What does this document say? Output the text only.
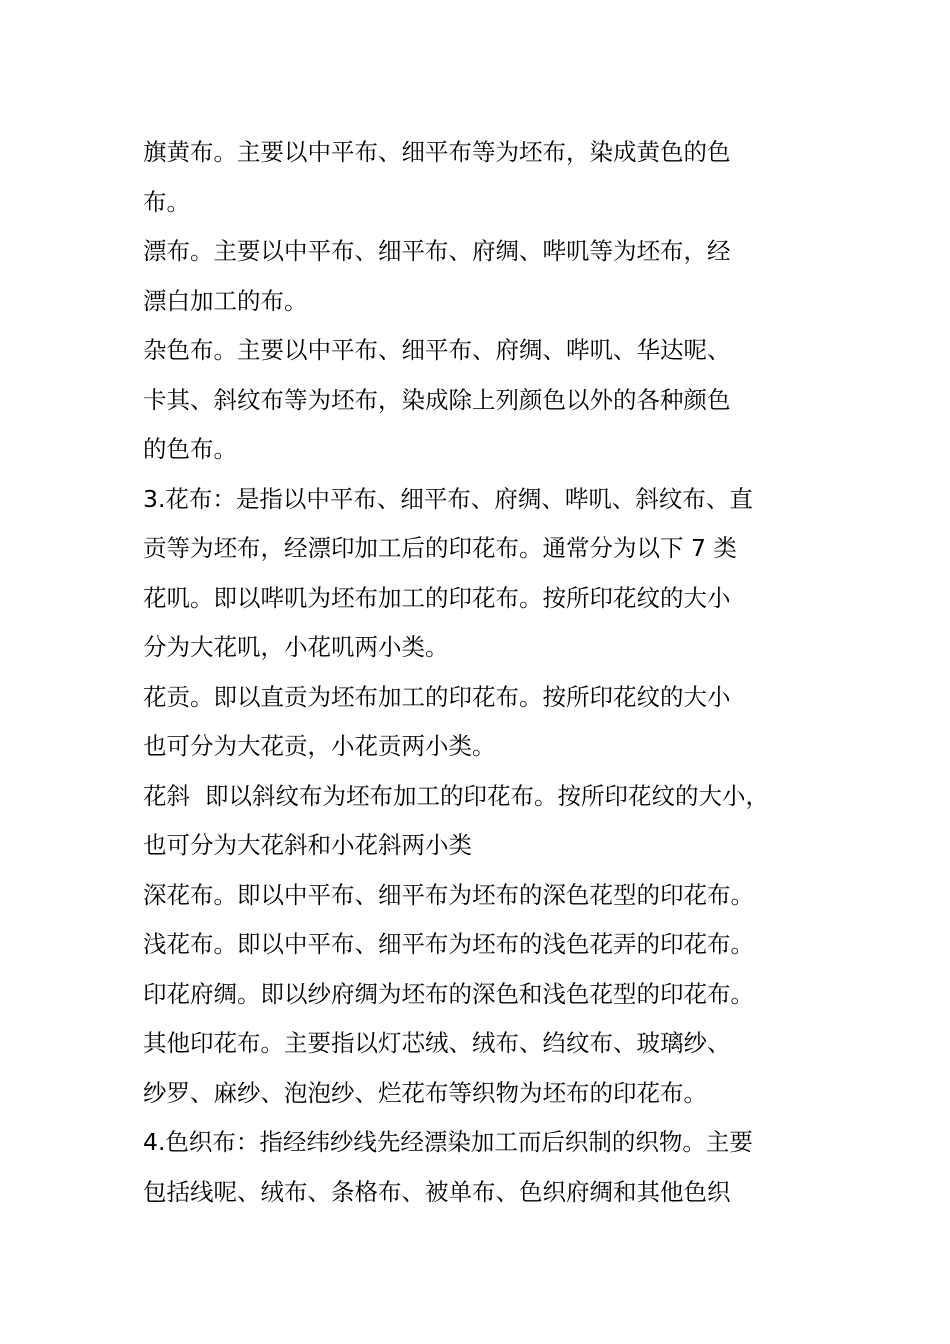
旗黄布。主要以中平布、细平布等为坯布，染成黄色的色
布。
漂布。主要以中平布、细平布、府绸、哔叽等为坯布，经
漂白加工的布。
杂色布。主要以中平布、细平布、府绸、哔叽、华达呢、
卡其、斜纹布等为坯布，染成除上列颜色以外的各种颜色
的色布。
3.花布：是指以中平布、细平布、府绸、哔叽、斜纹布、直
贡等为坯布，经漂印加工后的印花布。通常分为以下 7 类
花叽。即以哔叽为坯布加工的印花布。按所印花纹的大小
分为大花叽，小花叽两小类。
花贡。即以直贡为坯布加工的印花布。按所印花纹的大小
也可分为大花贡，小花贡两小类。
花斜  即以斜纹布为坯布加工的印花布。按所印花纹的大小，
也可分为大花斜和小花斜两小类
深花布。即以中平布、细平布为坯布的深色花型的印花布。
浅花布。即以中平布、细平布为坯布的浅色花弄的印花布。
印花府绸。即以纱府绸为坯布的深色和浅色花型的印花布。
其他印花布。主要指以灯芯绒、绒布、绉纹布、玻璃纱、
纱罗、麻纱、泡泡纱、烂花布等织物为坯布的印花布。
4.色织布：指经纬纱线先经漂染加工而后织制的织物。主要
包括线呢、绒布、条格布、被单布、色织府绸和其他色织
